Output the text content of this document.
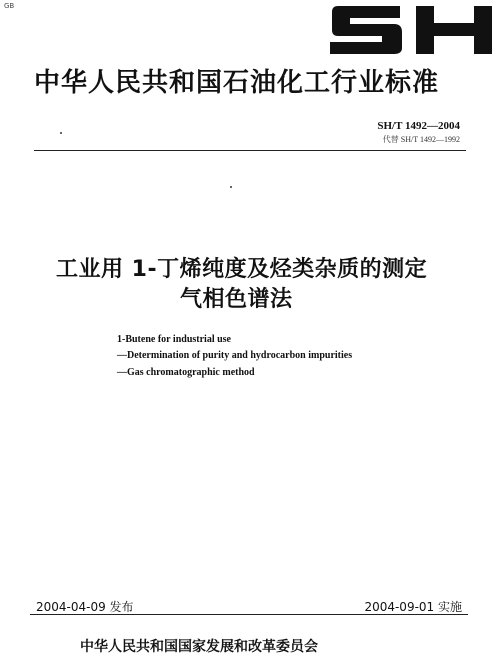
GB
中华人民共和国石油化工行业标准
SH/T 1492—2004
代替 SH/T 1492—1992
工业用 1-丁烯纯度及烃类杂质的测定
气相色谱法
1-Butene for industrial use
—Determination of purity and hydrocarbon impurities
—Gas chromatographic method
2004-04-09 发布	2004-09-01 实施
中华人民共和国国家发展和改革委员会
